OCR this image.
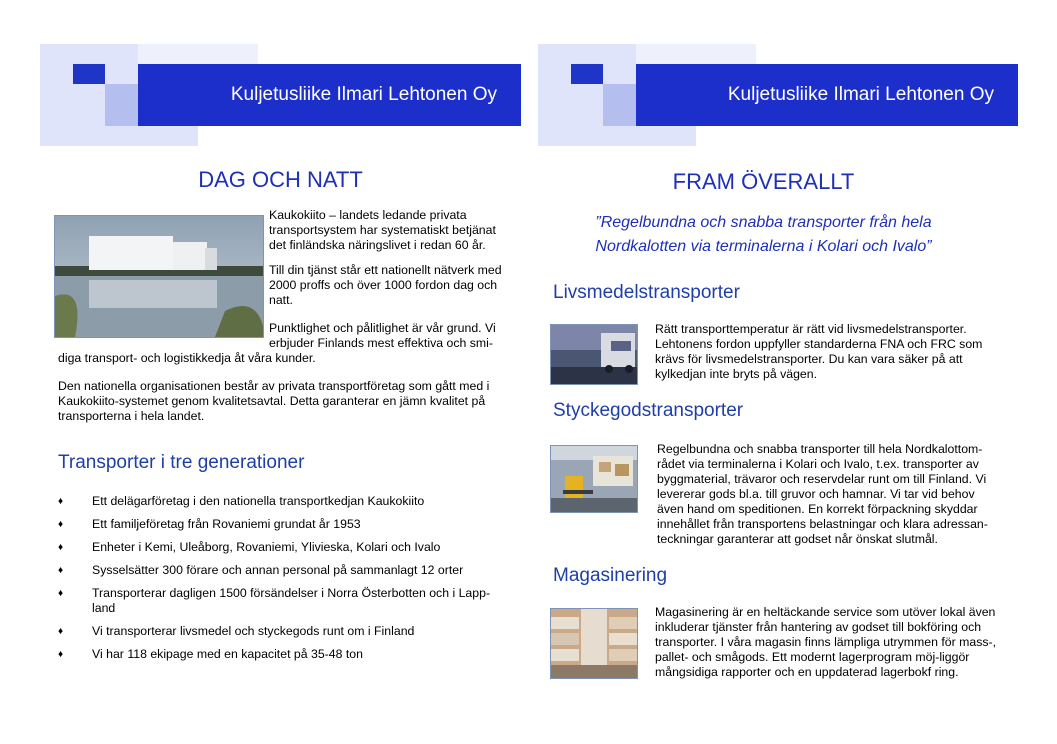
Kuljetusliike Ilmari Lehtonen Oy
DAG OCH NATT

Kaukokiito – landets ledande privata transportsystem har systematiskt betjänat det finländska näringslivet i redan 60 år.

Till din tjänst står ett nationellt nätverk med 2000 proffs och över 1000 fordon dag och natt.

Punktlighet och pålitlighet är vår grund. Vi erbjuder Finlands mest effektiva och smi-

diga transport- och logistikkedja åt våra kunder.

Den nationella organisationen består av privata transportföretag som gått med i Kaukokiito-systemet genom kvalitetsavtal. Detta garanterar en jämn kvalitet på transporterna i hela landet.

Transporter i tre generationer
♦ Ett delägarföretag i den nationella transportkedjan Kaukokiito
♦ Ett familjeföretag från Rovaniemi grundat år 1953
♦ Enheter i Kemi, Uleåborg, Rovaniemi, Ylivieska, Kolari och Ivalo
♦ Sysselsätter 300 förare och annan personal på sammanlagt 12 orter
♦ Transporterar dagligen 1500 försändelser i Norra Österbotten och i Lapp-land
♦ Vi transporterar livsmedel och styckegods runt om i Finland
♦ Vi har 118 ekipage med en kapacitet på 35-48 ton
Kuljetusliike Ilmari Lehtonen Oy
FRAM ÖVERALLT
”Regelbundna och snabba transporter från hela
Nordkalotten via terminalerna i Kolari och Ivalo”
Livsmedelstransporter

Rätt transporttemperatur är rätt vid livsmedelstransporter. Lehtonens fordon uppfyller standarderna FNA och FRC som krävs för livsmedelstransporter. Du kan vara säker på att kylkedjan inte bryts på vägen.

Styckegodstransporter

Regelbundna och snabba transporter till hela Nordkalottom-rådet via terminalerna i Kolari och Ivalo, t.ex. transporter av byggmaterial, trävaror och reservdelar runt om till Finland. Vi levererar gods bl.a. till gruvor och hamnar. Vi tar vid behov även hand om speditionen. En korrekt förpackning skyddar innehållet från transportens belastningar och klara adressan-teckningar garanterar att godset når önskat slutmål.

Magasinering

Magasinering är en heltäckande service som utöver lokal även inkluderar tjänster från hantering av godset till bokföring och transporter. I våra magasin finns lämpliga utrymmen för mass-, pallet- och smågods. Ett modernt lagerprogram möj-liggör mångsidiga rapporter och en uppdaterad lagerbokf ring.
